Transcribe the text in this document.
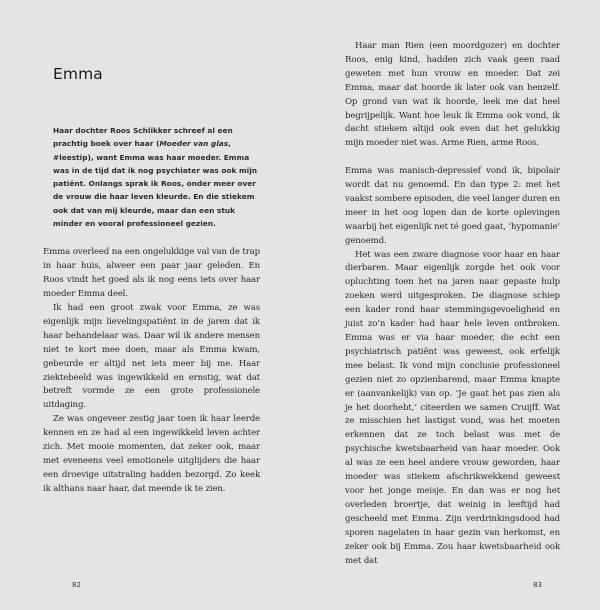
Emma

Haar dochter Roos Schlikker schreef al een prachtig boek over haar (Moeder van glas, #leestip), want Emma was haar moeder. Emma was in de tijd dat ik nog psychiater was ook mijn patiënt. Onlangs sprak ik Roos, onder meer over de vrouw die haar leven kleurde. En die stiekem ook dat van mij kleurde, maar dan een stuk minder en vooral professioneel gezien.

Emma overleed na een ongelukkige val van de trap in haar huis, alweer een paar jaar geleden. En Roos vindt het goed als ik nog eens iets over haar moeder Emma deel.

Ik had een groot zwak voor Emma, ze was eigenlijk mijn lievelingspatiënt in de jaren dat ik haar behandelaar was. Daar wil ik andere mensen niet te kort mee doen, maar als Emma kwam, gebeurde er altijd net iets meer bij me. Haar ziektebeeld was ingewikkeld en ernstig, wat dat betreft vormde ze een grote professionele uitdaging.

Ze was ongeveer zestig jaar toen ik haar leerde kennen en ze had al een ingewikkeld leven achter zich. Met mooie momenten, dat zeker ook, maar met eveneens veel emotionele uitglijders die haar een droevige uitstraling hadden bezorgd. Zo keek ik althans naar haar, dat meende ik te zien.

82

Haar man Rien (een moordgozer) en dochter Roos, enig kind, hadden zich vaak geen raad geweten met hun vrouw en moeder. Dat zei Emma, maar dat hoorde ik later ook van henzelf. Op grond van wat ik hoorde, leek me dat heel begrijpelijk. Want hoe leuk ik Emma ook vond, ik dacht stiekem altijd ook even dat het gelukkig mijn moeder niet was. Arme Rien, arme Roos.

Emma was manisch-depressief vond ik, bipolair wordt dat nu genoemd. En dan type 2: met het vaakst sombere episoden, die veel langer duren en meer in het oog lopen dan de korte oplevingen waarbij het eigenlijk net té goed gaat, ‘hypomanie’ genoemd.

Het was een zware diagnose voor haar en haar dierbaren. Maar eigenlijk zorgde het ook voor opluchting toen het na jaren naar gepaste hulp zoeken werd uitgesproken. De diagnose schiep een kader rond haar stemmingsgevoeligheid en juist zo’n kader had haar hele leven ontbroken. Emma was er via haar moeder, die echt een psychiatrisch patiënt was geweest, ook erfelijk mee belast. Ik vond mijn conclusie professioneel gezien niet zo opzienbarend, maar Emma knapte er (aanvankelijk) van op. ‘Je gaat het pas zien als je het doorhebt,’ citeerden we samen Cruijff. Wat ze misschien het lastigst vond, was het moeten erkennen dat ze toch belast was met de psychische kwetsbaarheid van haar moeder. Ook al was ze een heel andere vrouw geworden, haar moeder was stiekem afschrikwekkend geweest voor het jonge meisje. En dan was er nog het overleden broertje, dat weinig in leeftijd had gescheeld met Emma. Zijn verdrinkingsdood had sporen nagelaten in haar gezin van herkomst, en zeker ook bij Emma. Zou haar kwetsbaarheid ook met dat

83
